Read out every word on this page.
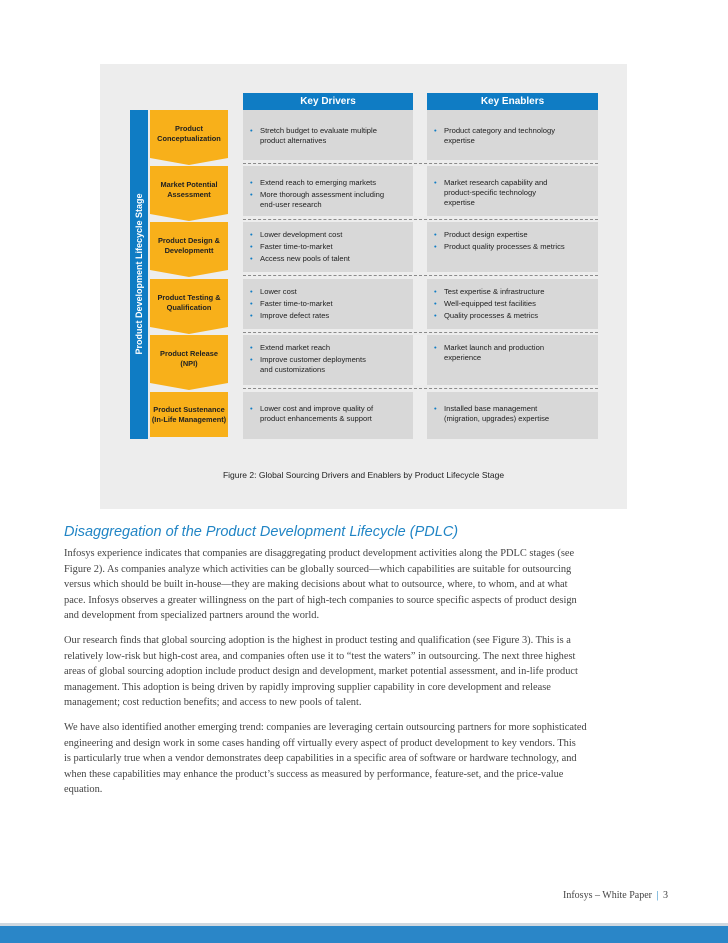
Product Development Lifecycle Stage
Key Drivers	Key Enablers
Product
Conceptualization
• Stretch budget to evaluate multiple
product alternatives
• Product category and technology
expertise
Market Potential
Assessment
• Extend reach to emerging markets
• More thorough assessment including
end-user research
• Market research capability and
product-specific technology
expertise
Product Design &
Developmentt
• Lower development cost
• Faster time-to-market
• Access new pools of talent
• Product design expertise
• Product quality processes & metrics
Product Testing &
Qualification
• Lower cost
• Faster time-to-market
• Improve defect rates
• Test expertise & infrastructure
• Well-equipped test facilities
• Quality processes & metrics
Product Release
(NPI)
• Extend market reach
• Improve customer deployments
and customizations
• Market launch and production
experience
Product Sustenance
(In-Life Management)
• Lower cost and improve quality of
product enhancements & support
• Installed base management
(migration, upgrades) expertise
Figure 2: Global Sourcing Drivers and Enablers by Product Lifecycle Stage
Disaggregation of the Product Development Lifecycle (PDLC)
Infosys experience indicates that companies are disaggregating product development activities along the PDLC stages (see
Figure 2). As companies analyze which activities can be globally sourced—which capabilities are suitable for outsourcing
versus which should be built in-house—they are making decisions about what to outsource, where, to whom, and at what
pace. Infosys observes a greater willingness on the part of high-tech companies to source specific aspects of product design
and development from specialized partners around the world.
Our research finds that global sourcing adoption is the highest in product testing and qualification (see Figure 3). This is a
relatively low-risk but high-cost area, and companies often use it to “test the waters” in outsourcing. The next three highest
areas of global sourcing adoption include product design and development, market potential assessment, and in-life product
management. This adoption is being driven by rapidly improving supplier capability in core development and release
management; cost reduction benefits; and access to new pools of talent.
We have also identified another emerging trend: companies are leveraging certain outsourcing partners for more sophisticated
engineering and design work in some cases handing off virtually every aspect of product development to key vendors. This
is particularly true when a vendor demonstrates deep capabilities in a specific area of software or hardware technology, and
when these capabilities may enhance the product’s success as measured by performance, feature-set, and the price-value
equation.
Infosys – White Paper | 3
